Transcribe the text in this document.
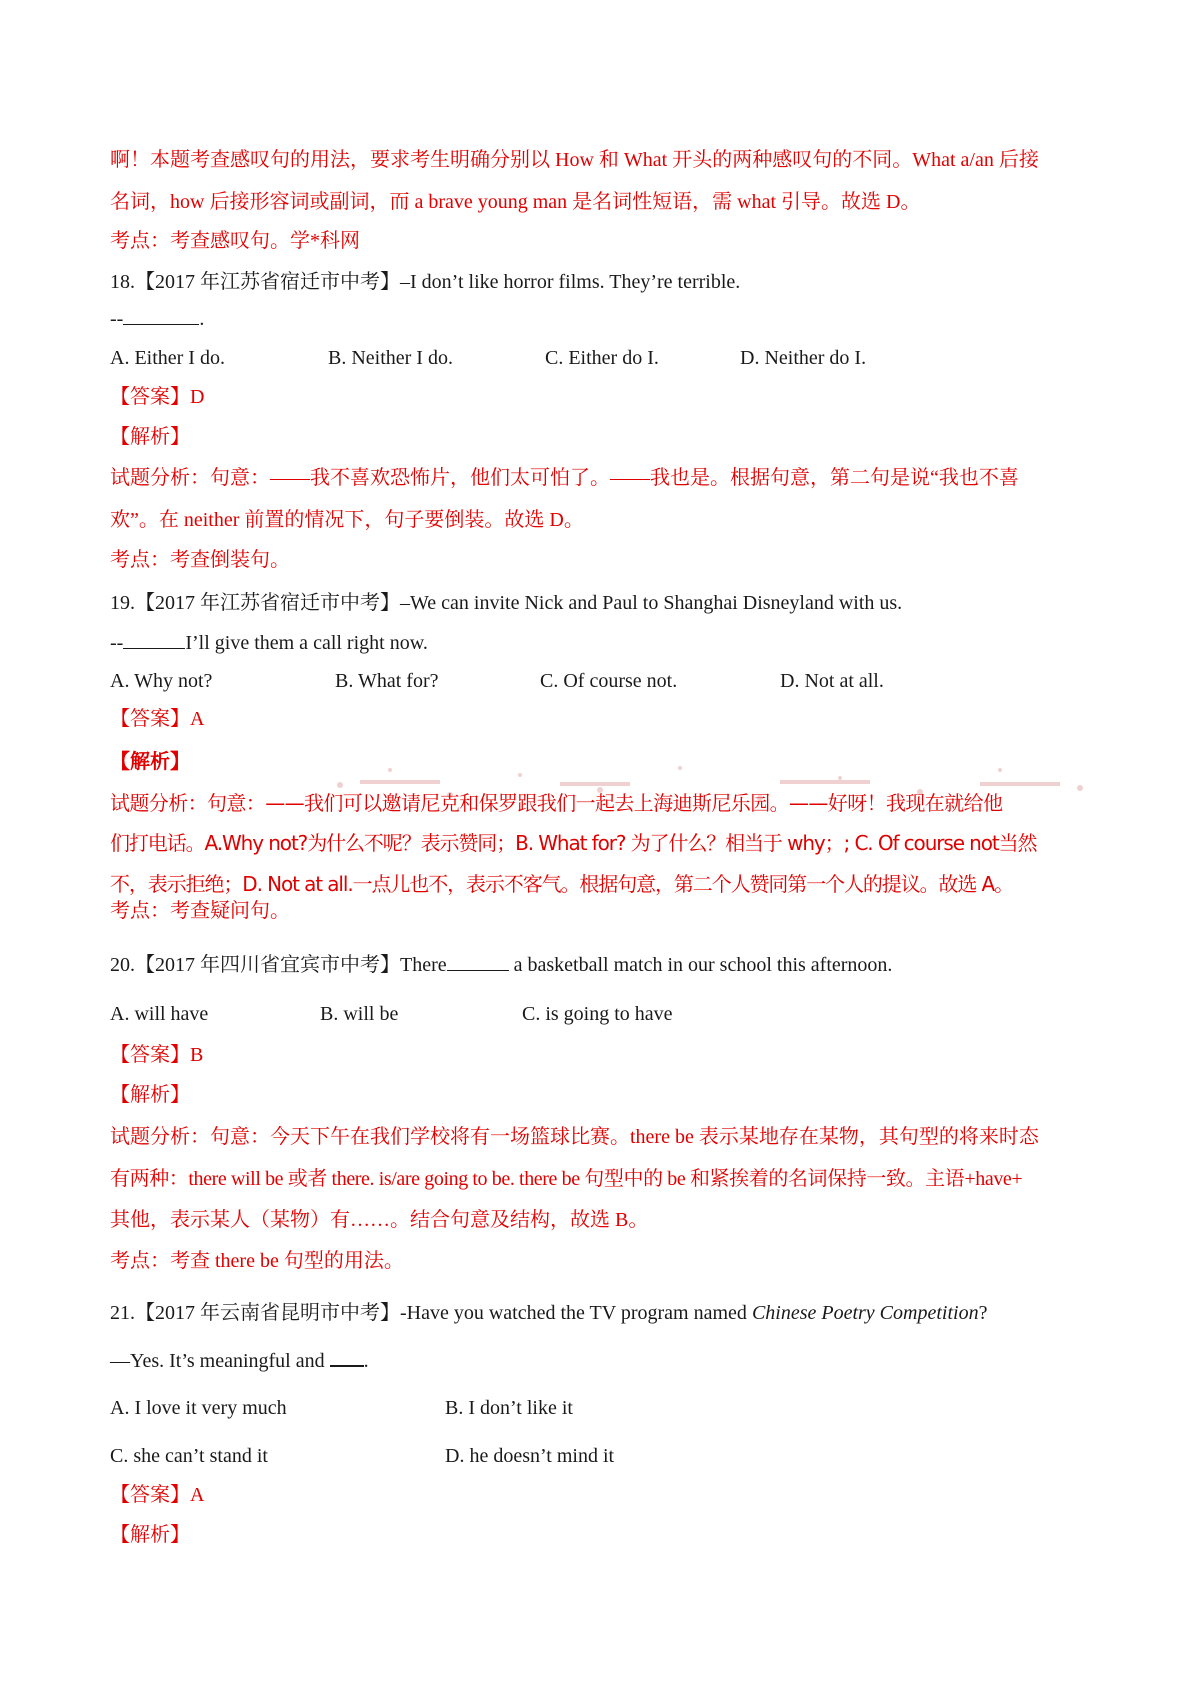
啊！本题考查感叹句的用法，要求考生明确分别以 How 和 What 开头的两种感叹句的不同。What a/an 后接
名词，how 后接形容词或副词，而 a brave young man 是名词性短语，需 what 引导。故选 D。
考点：考查感叹句。学*科网
18.【2017 年江苏省宿迁市中考】–I don’t like horror films. They’re terrible.
--	.
A. Either I do.	B. Neither I do.	C. Either do I.	D. Neither do I.
【答案】D
【解析】
试题分析：句意：——我不喜欢恐怖片，他们太可怕了。——我也是。根据句意，第二句是说“我也不喜
欢”。在 neither 前置的情况下，句子要倒装。故选 D。
考点：考查倒装句。
19.【2017 年江苏省宿迁市中考】–We can invite Nick and Paul to Shanghai Disneyland with us.
--	I’ll give them a call right now.
A. Why not?	B. What for?	C. Of course not.	D. Not at all.
【答案】A
【解析】
试题分析：句意：——我们可以邀请尼克和保罗跟我们一起去上海迪斯尼乐园。——好呀！我现在就给他
们打电话。A.Why not?为什么不呢？表示赞同；B. What for? 为了什么？相当于 why；; C. Of course not当然
不，表示拒绝；D. Not at all.一点儿也不，表示不客气。根据句意，第二个人赞同第一个人的提议。故选 A。
考点：考查疑问句。
20.【2017 年四川省宜宾市中考】There	a basketball match in our school this afternoon.
A. will have	B. will be	C. is going to have
【答案】B
【解析】
试题分析：句意：今天下午在我们学校将有一场篮球比赛。there be 表示某地存在某物，其句型的将来时态
有两种：there will be 或者 there. is/are going to be. there be 句型中的 be 和紧挨着的名词保持一致。主语+have+
其他，表示某人（某物）有……。结合句意及结构，故选 B。
考点：考查 there be 句型的用法。
21.【2017 年云南省昆明市中考】-Have you watched the TV program named Chinese Poetry Competition?
—Yes. It’s meaningful and .
A. I love it very much	B. I don’t like it
C. she can’t stand it	D. he doesn’t mind it
【答案】A
【解析】
